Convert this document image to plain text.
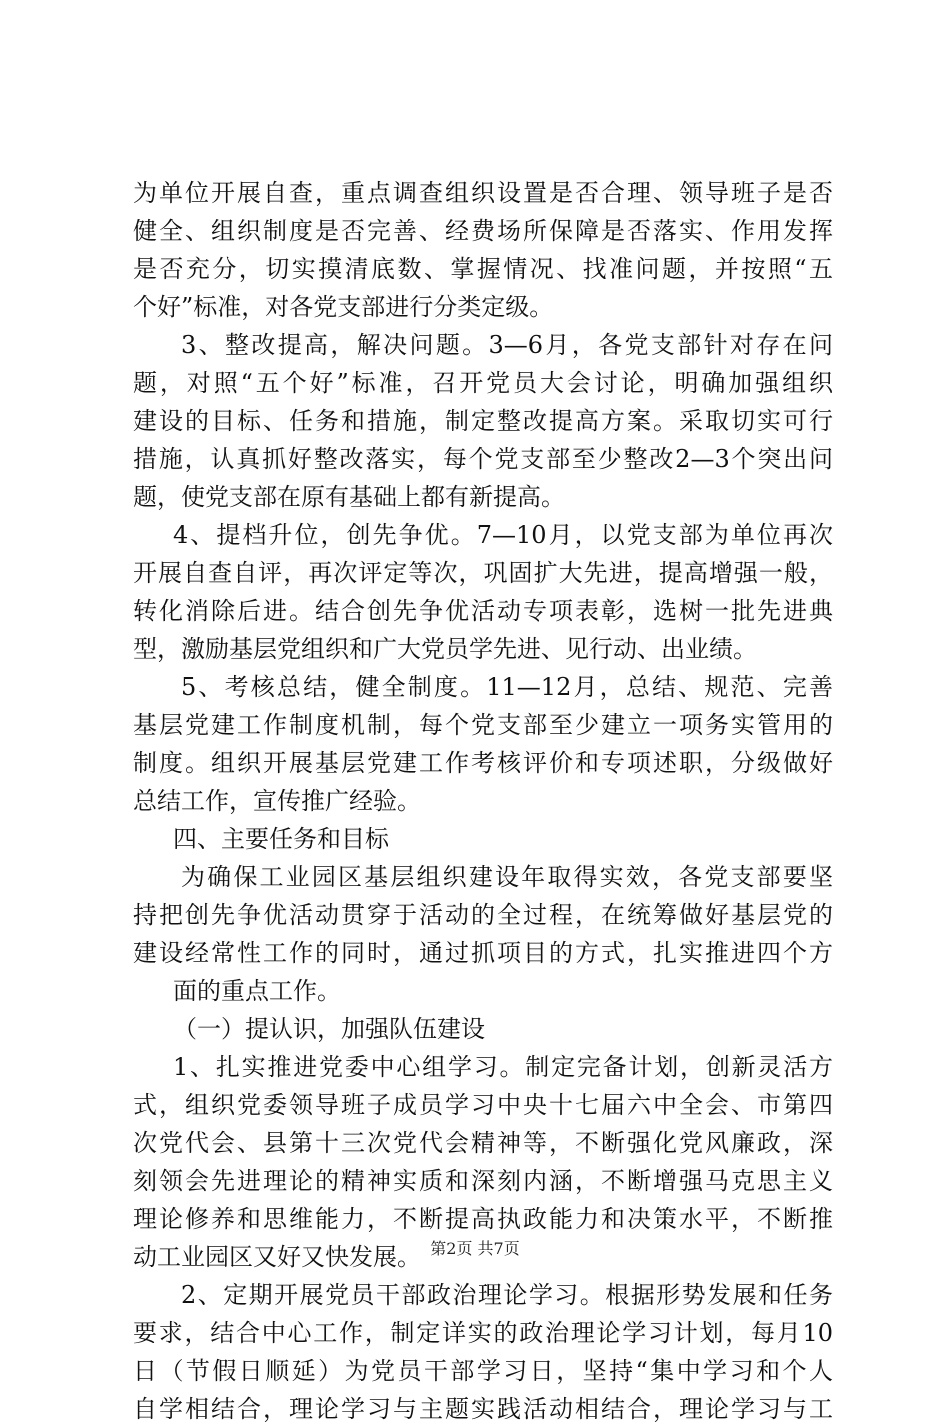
为单位开展自查，重点调查组织设置是否合理、领导班子是否
健全、组织制度是否完善、经费场所保障是否落实、作用发挥
是否充分，切实摸清底数、掌握情况、找准问题，并按照“五
个好”标准，对各党支部进行分类定级。
3、整改提高，解决问题。3—6月，各党支部针对存在问
题，对照“五个好”标准，召开党员大会讨论，明确加强组织
建设的目标、任务和措施，制定整改提高方案。采取切实可行
措施，认真抓好整改落实，每个党支部至少整改2—3个突出问
题，使党支部在原有基础上都有新提高。
4、提档升位，创先争优。7—10月，以党支部为单位再次
开展自查自评，再次评定等次，巩固扩大先进，提高增强一般，
转化消除后进。结合创先争优活动专项表彰，选树一批先进典
型，激励基层党组织和广大党员学先进、见行动、出业绩。
5、考核总结，健全制度。11—12月，总结、规范、完善
基层党建工作制度机制，每个党支部至少建立一项务实管用的
制度。组织开展基层党建工作考核评价和专项述职，分级做好
总结工作，宣传推广经验。
四、主要任务和目标
为确保工业园区基层组织建设年取得实效，各党支部要坚
持把创先争优活动贯穿于活动的全过程，在统筹做好基层党的
建设经常性工作的同时，通过抓项目的方式，扎实推进四个方
面的重点工作。
（一）提认识，加强队伍建设
1、扎实推进党委中心组学习。制定完备计划，创新灵活方
式，组织党委领导班子成员学习中央十七届六中全会、市第四
次党代会、县第十三次党代会精神等，不断强化党风廉政，深
刻领会先进理论的精神实质和深刻内涵，不断增强马克思主义
理论修养和思维能力，不断提高执政能力和决策水平，不断推
动工业园区又好又快发展。
2、定期开展党员干部政治理论学习。根据形势发展和任务
要求，结合中心工作，制定详实的政治理论学习计划，每月10
日（节假日顺延）为党员干部学习日，坚持“集中学习和个人
自学相结合，理论学习与主题实践活动相结合，理论学习与工
第2页 共7页
